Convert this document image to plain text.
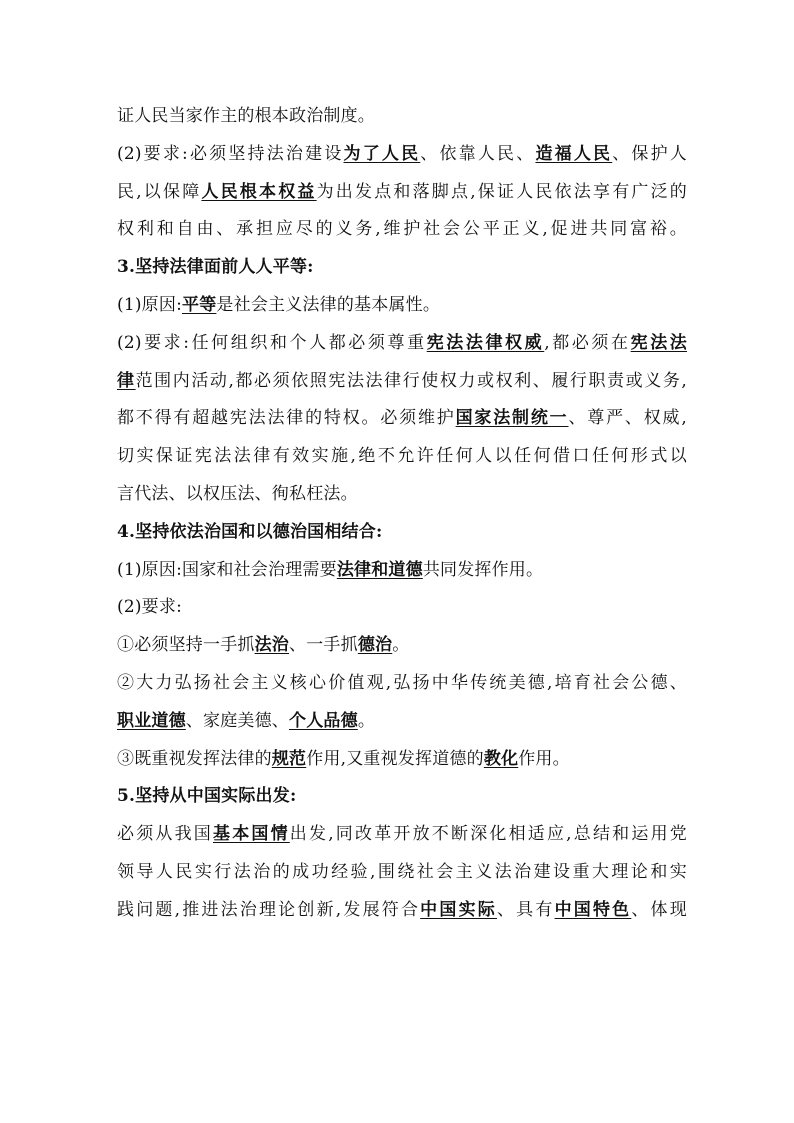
证人民当家作主的根本政治制度。
(2)要求:必须坚持法治建设为了人民、依靠人民、造福人民、保护人
民,以保障人民根本权益为出发点和落脚点,保证人民依法享有广泛的
权利和自由、承担应尽的义务,维护社会公平正义,促进共同富裕。
3.坚持法律面前人人平等:
(1)原因:平等是社会主义法律的基本属性。
(2)要求:任何组织和个人都必须尊重宪法法律权威,都必须在宪法法
律范围内活动,都必须依照宪法法律行使权力或权利、履行职责或义务,
都不得有超越宪法法律的特权。必须维护国家法制统一、尊严、权威,
切实保证宪法法律有效实施,绝不允许任何人以任何借口任何形式以
言代法、以权压法、徇私枉法。
4.坚持依法治国和以德治国相结合:
(1)原因:国家和社会治理需要法律和道德共同发挥作用。
(2)要求:
①必须坚持一手抓法治、一手抓德治。
②大力弘扬社会主义核心价值观,弘扬中华传统美德,培育社会公德、
职业道德、家庭美德、个人品德。
③既重视发挥法律的规范作用,又重视发挥道德的教化作用。
5.坚持从中国实际出发:
必须从我国基本国情出发,同改革开放不断深化相适应,总结和运用党
领导人民实行法治的成功经验,围绕社会主义法治建设重大理论和实
践问题,推进法治理论创新,发展符合中国实际、具有中国特色、体现
